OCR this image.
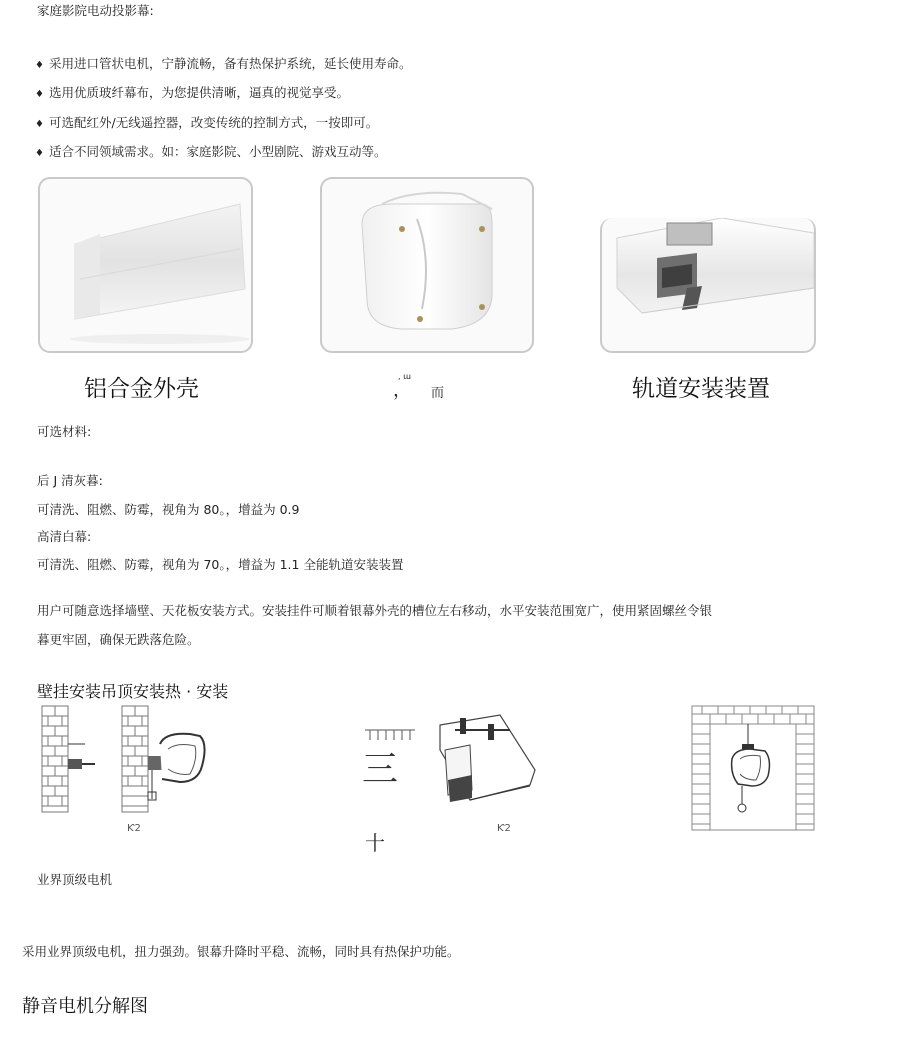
家庭影院电动投影幕:
♦ 采用进口管状电机，宁静流畅，备有热保护系统，延长使用寿命。
♦ 选用优质玻纤幕布，为您提供清晰，逼真的视觉享受。
♦ 可选配红外/无线遥控器，改变传统的控制方式，一按即可。
♦ 适合不同领域需求。如：家庭影院、小型剧院、游戏互动等。
铝合金外壳	, ɯ
， 而	轨道安装装置
可选材料:
后 J 清灰暮:
可清洗、阻燃、防霉，视角为 80。，增益为 0.9
高清白幕:
可清洗、阻燃、防霉，视角为 70。，增益为 1.1 全能轨道安装装置
用户可随意选择墙壁、天花板安装方式。安装挂件可顺着银幕外壳的槽位左右移动，水平安装范围宽广，使用紧固螺丝令银
暮更牢固，确保无跌落危险。
壁挂安装吊顶安装热 · 安装
Ƙ2
三
十
Ƙ2
业界顶级电机
采用业界顶级电机，扭力强劲。银幕升降时平稳、流畅，同时具有热保护功能。
静音电机分解图
